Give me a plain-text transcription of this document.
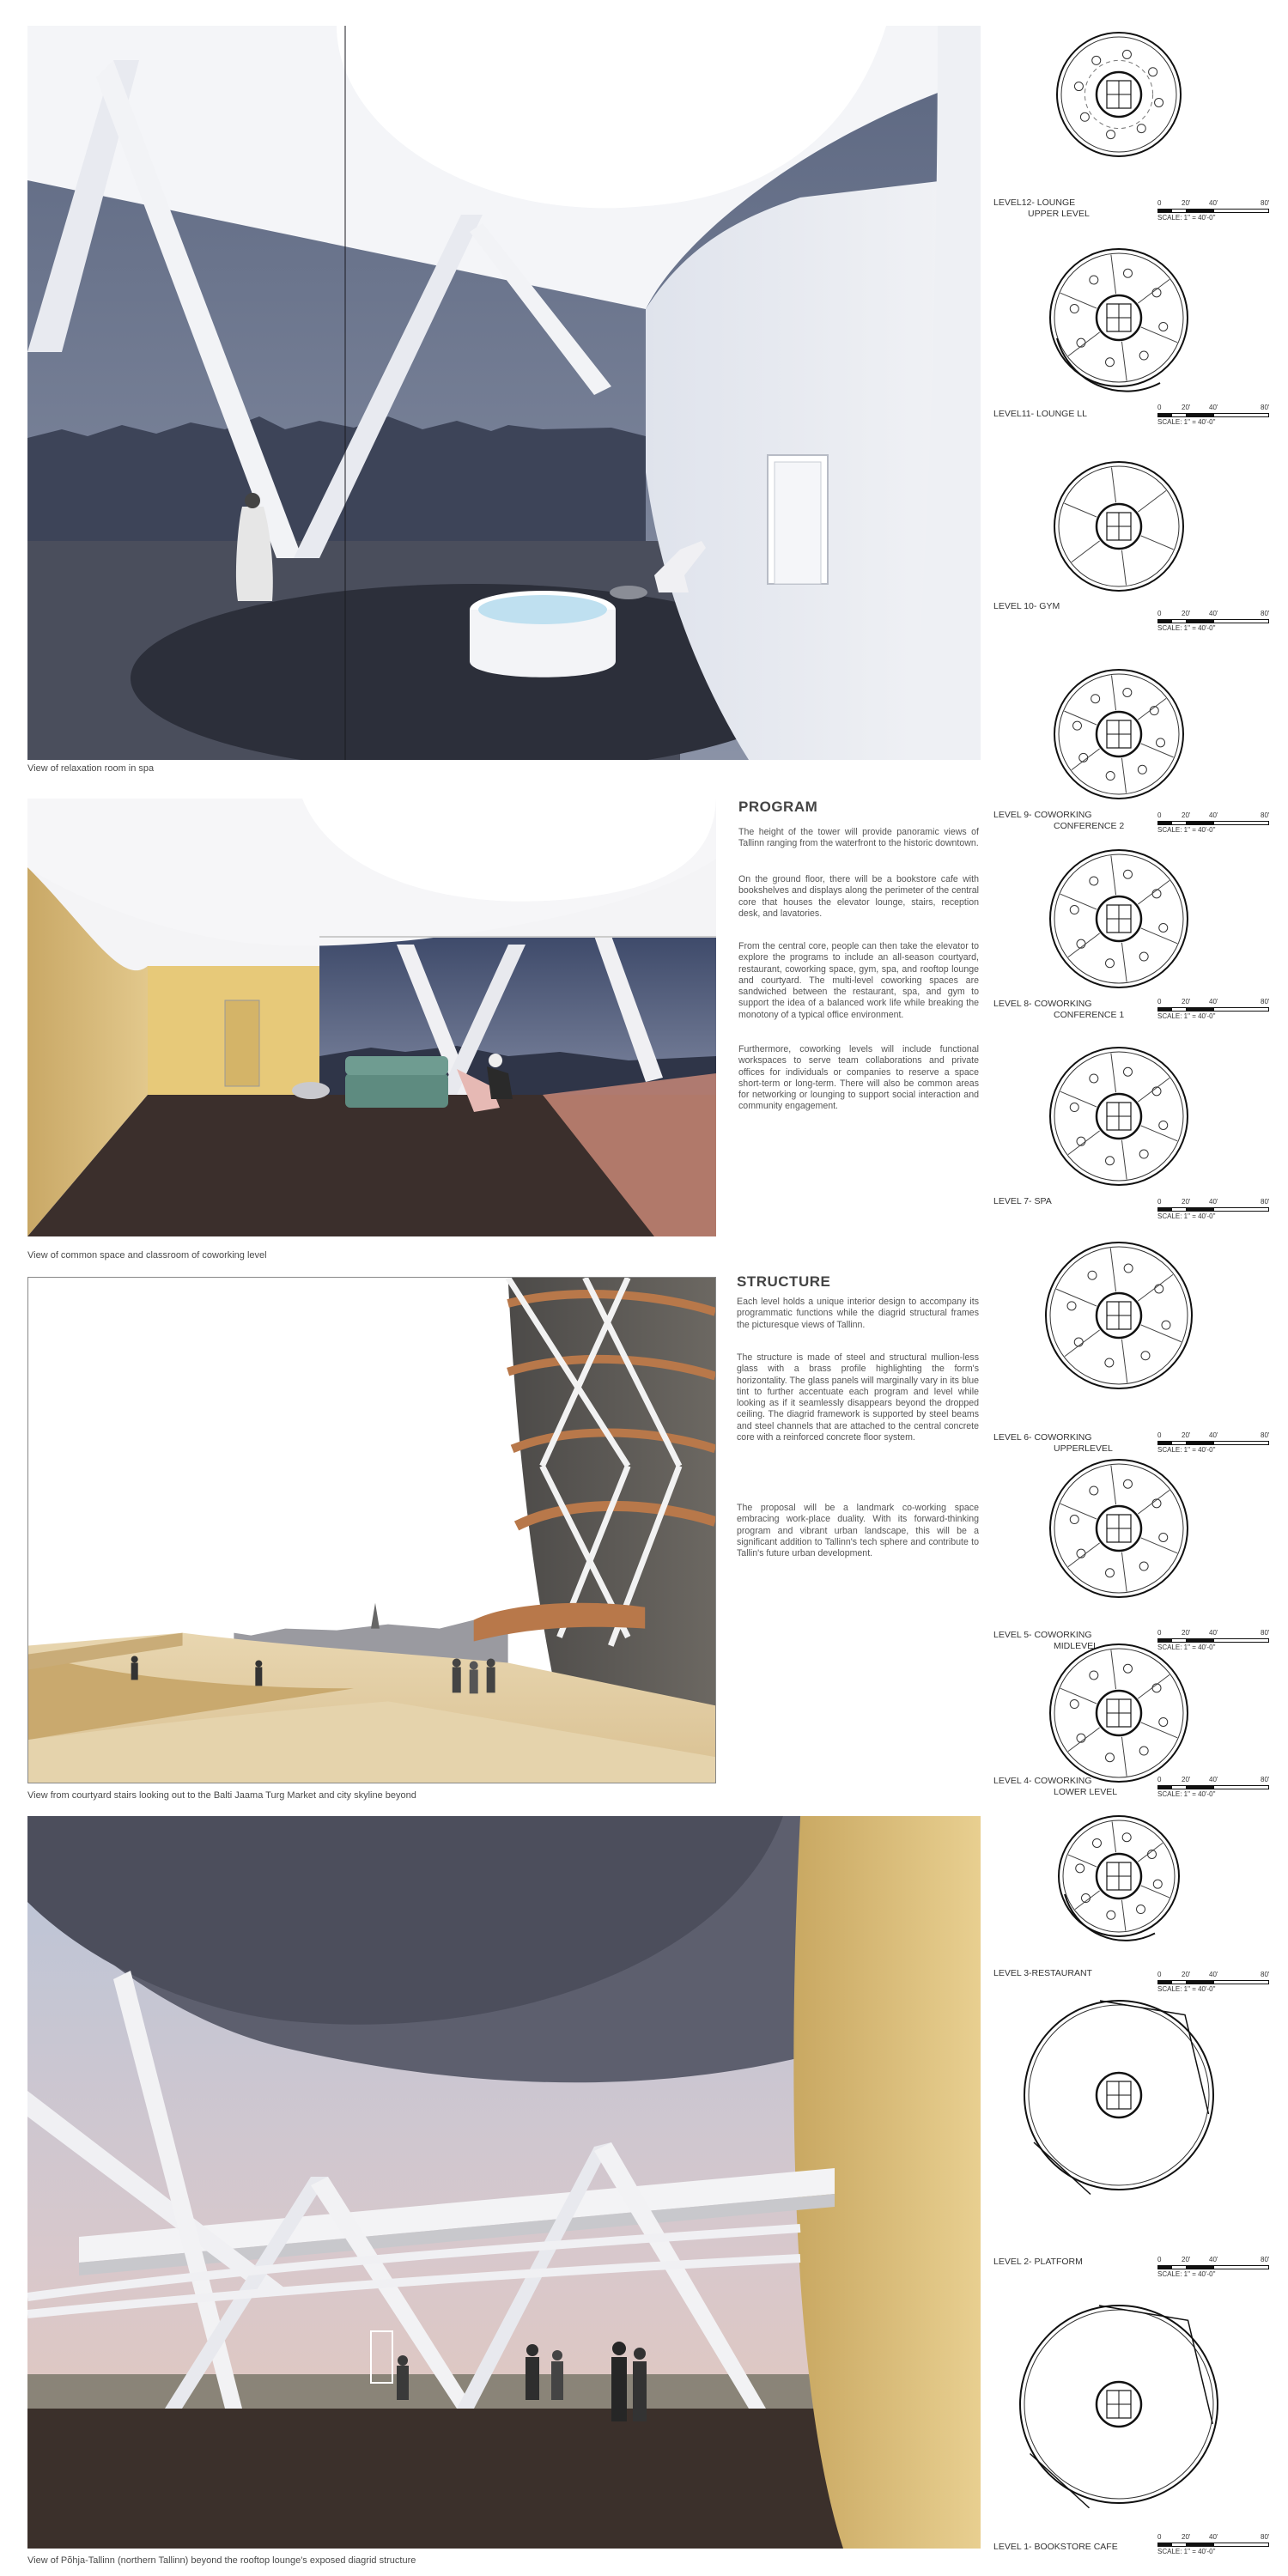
View of relaxation room in spa
View of common space and classroom of coworking level
PROGRAM

The height of the tower will provide panoramic views of Tallinn ranging from the waterfront to the historic downtown.

On the ground floor, there will be a bookstore cafe with bookshelves and displays along the perimeter of the central core that houses the elevator lounge, stairs, reception desk, and lavatories.

From the central core, people can then take the elevator to explore the programs to include an all-season courtyard, restaurant, coworking space, gym, spa, and rooftop lounge and courtyard. The multi-level coworking spaces are sandwiched between the restaurant, spa, and gym to support the idea of a balanced work life while breaking the monotony of a typical office environment.

Furthermore, coworking levels will include functional workspaces to serve team collaborations and private offices for individuals or companies to reserve a space short-term or long-term. There will also be common areas for networking or lounging to support social interaction and community engagement.

View from courtyard stairs looking out to the Balti Jaama Turg Market and city skyline beyond
STRUCTURE

Each level holds a unique interior design to accompany its programmatic functions while the diagrid structural frames the picturesque views of Tallinn.

The structure is made of steel and structural mullion-less glass with a brass profile highlighting the form's horizontality. The glass panels will marginally vary in its blue tint to further accentuate each program and level while looking as if it seamlessly disappears beyond the dropped ceiling. The diagrid framework is supported by steel beams and steel channels that are attached to the central concrete core with a reinforced concrete floor system.

The proposal will be a landmark co-working space embracing work-place duality. With its forward-thinking program and vibrant urban landscape, this will be a significant addition to Tallinn's tech sphere and contribute to Tallin's future urban development.

View of Põhja-Tallinn (northern Tallinn) beyond the rooftop lounge's exposed diagrid structure
LEVEL12- LOUNGE
UPPER LEVEL
0	20'	40'	80'
SCALE: 1" = 40'-0"
LEVEL11- LOUNGE LL
0	20'	40'	80'
SCALE: 1" = 40'-0"
LEVEL 10- GYM
0	20'	40'	80'
SCALE: 1" = 40'-0"
LEVEL 9- COWORKING
CONFERENCE 2
0	20'	40'	80'
SCALE: 1" = 40'-0"
LEVEL 8- COWORKING
CONFERENCE 1
0	20'	40'	80'
SCALE: 1" = 40'-0"
LEVEL 7- SPA	0	20'	40'	80'
SCALE: 1" = 40'-0"
LEVEL 6- COWORKING
UPPERLEVEL
0	20'	40'	80'
SCALE: 1" = 40'-0"
LEVEL 5- COWORKING
MIDLEVEL
0	20'	40'	80'
SCALE: 1" = 40'-0"
LEVEL 4- COWORKING
LOWER LEVEL
0	20'	40'	80'
SCALE: 1" = 40'-0"
LEVEL 3-RESTAURANT	0	20'	40'	80'
SCALE: 1" = 40'-0"
LEVEL 2- PLATFORM	0	20'	40'	80'
SCALE: 1" = 40'-0"
LEVEL 1- BOOKSTORE CAFE
0	20'	40'	80'
SCALE: 1" = 40'-0"
